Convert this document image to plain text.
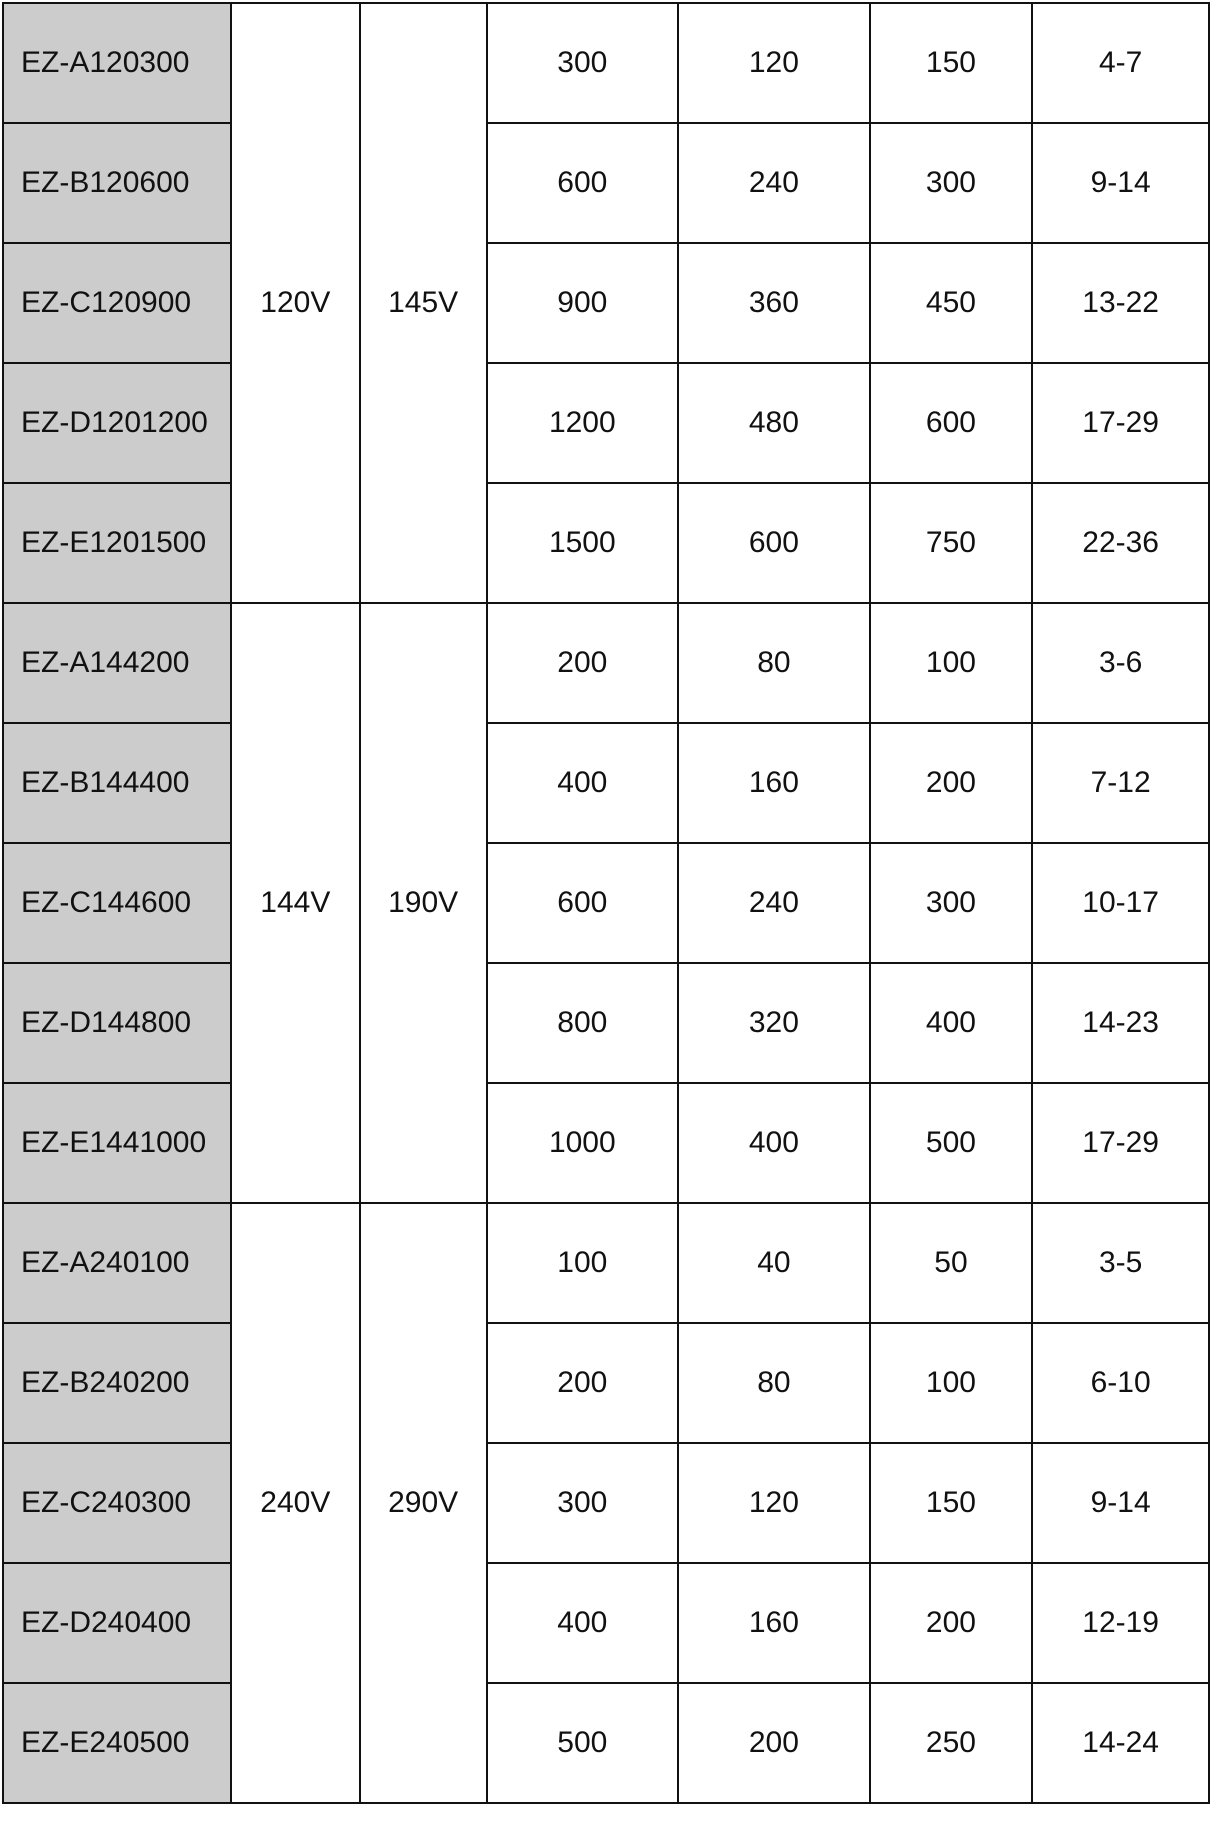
EZ-A120300	120V	145V	300	120	150	4-7
EZ-B120600			600	240	300	9-14
EZ-C120900			900	360	450	13-22
EZ-D1201200			1200	480	600	17-29
EZ-E1201500			1500	600	750	22-36
EZ-A144200	144V	190V	200	80	100	3-6
EZ-B144400			400	160	200	7-12
EZ-C144600			600	240	300	10-17
EZ-D144800			800	320	400	14-23
EZ-E1441000			1000	400	500	17-29
EZ-A240100	240V	290V	100	40	50	3-5
EZ-B240200			200	80	100	6-10
EZ-C240300			300	120	150	9-14
EZ-D240400			400	160	200	12-19
EZ-E240500			500	200	250	14-24
